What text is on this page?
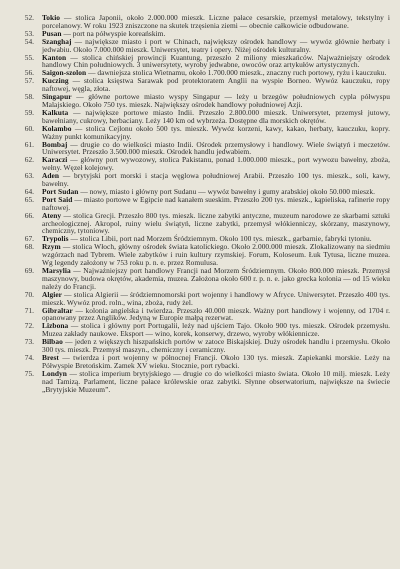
52.	Tokio — stolica Japonii, około 2.000.000 mieszk. Liczne pałace cesarskie, przemysł metalowy, tekstylny i porcelanowy. W roku 1923 zniszczone na skutek trzęsienia ziemi — obecnie całkowicie odbudowane.
53.	Pusan — port na półwyspie koreańskim.
54.	Szanghaj — największe miasto i port w Chinach, największy ośrodek handlowy — wywóz głównie herbaty i jedwabiu. Około 7.000.000 mieszk. Uniwersytet, teatry i opery. Niżej ośrodek kulturalny.
55.	Kanton — stolica chińskiej prowincji Kuantung, przeszło 2 miliony mieszkańców. Najważniejszy ośrodek handlowy Chin południowych. 3 uniwersytety, wyroby jedwabne, owoców oraz artykułów artystycznych.
56.	Saigon-szolon — dawniejsza stolica Wietnamu, około 1.700.000 mieszk., znaczny ruch portowy, ryżu i kauczuku.
57.	Kuczing — stolica księstwa Sarawak pod protektoratem Anglii na wyspie Borneo. Wywóz kauczuku, ropy naftowej, węgla, złota.
58.	Singapur — główne portowe miasto wyspy Singapur — leży u brzegów południowych cypla półwyspu Malajskiego. Około 750 tys. mieszk. Największy ośrodek handlowy południowej Azji.
59.	Kalkuta — największe portowe miasto Indii. Przeszło 2.800.000 mieszk. Uniwersytet, przemysł jutowy, bawełniany, cukrowy, herbaciany. Leży 140 km od wybrzeża. Dostępne dla morskich okrętów.
60.	Kolambo — stolica Cejlonu około 500 tys. mieszk. Wywóz korzeni, kawy, kakao, herbaty, kauczuku, kopry. Ważny punkt komunikacyjny.
61.	Bombaj — drugie co do wielkości miasto Indii. Ośrodek przemysłowy i handlowy. Wiele świątyń i meczetów. Uniwersytet. Przeszło 3.500.000 mieszk. Ośrodek handlu jedwabiem.
62.	Karaczi — główny port wywozowy, stolica Pakistanu, ponad 1.000.000 mieszk., port wywozu bawełny, zboża, wełny. Węzeł kolejowy.
63.	Aden — brytyjski port morski i stacja węglowa południowej Arabii. Przeszło 100 tys. mieszk., soli, kawy, bawełny.
64.	Port Sudan — nowy, miasto i główny port Sudanu — wywóz bawełny i gumy arabskiej około 50.000 mieszk.
65.	Port Said — miasto portowe w Egipcie nad kanałem sueskim. Przeszło 200 tys. mieszk., kąpieliska, rafinerie ropy naftowej.
66.	Ateny — stolica Grecji. Przeszło 800 tys. mieszk. liczne zabytki antyczne, muzeum narodowe ze skarbami sztuki archeologicznej. Akropol, ruiny wielu świątyń, liczne zabytki, przemysł włókienniczy, skórzany, maszynowy, chemiczny, tytoniowy.
67.	Trypolis — stolica Libii, port nad Morzem Śródziemnym. Około 100 tys. mieszk., garbarnie, fabryki tytoniu.
68.	Rzym — stolica Włoch, główny ośrodek świata katolickiego. Około 2.000.000 mieszk. Zlokalizowany na siedmiu wzgórzach nad Tybrem. Wiele zabytków i ruin kultury rzymskiej. Forum, Koloseum. Łuk Tytusa, liczne muzea. Wg legendy założony w 753 roku p. n. e. przez Romulusa.
69.	Marsylia — Najważniejszy port handlowy Francji nad Morzem Śródziemnym. Około 800.000 mieszk. Przemysł maszynowy, budowa okrętów, akademia, muzea. Założona około 600 r. p. n. e. jako grecka kolonia — od 15 wieku należy do Francji.
70.	Algier — stolica Algierii — śródziemnomorski port wojenny i handlowy w Afryce. Uniwersytet. Przeszło 400 tys. mieszk. Wywóz prod. roln., wina, zboża, rudy żel.
71.	Gibraltar — kolonia angielska i twierdza. Przeszło 40.000 mieszk. Ważny port handlowy i wojenny, od 1704 r. opanowany przez Anglików. Jedyną w Europie małpą rezerwat.
72.	Lizbona — stolica i główny port Portugalii, leży nad ujściem Tajo. Około 900 tys. mieszk. Ośrodek przemysłu. Muzea zakłady naukowe. Eksport — wino, korek, konserwy, drzewo, wyroby włókiennicze.
73.	Bilbao — jeden z większych hiszpańskich portów w zatoce Biskajskiej. Duży ośrodek handlu i przemysłu. Około 300 tys. mieszk. Przemysł maszyn., chemiczny i ceramiczny.
74.	Brest — twierdza i port wojenny w północnej Francji. Około 130 tys. mieszk. Zapiekanki morskie. Leży na Półwyspie Bretońskim. Zamek XV wieku. Stocznie, port rybacki.
75.	Londyn — stolica imperium brytyjskiego — drugie co do wielkości miasto świata. Około 10 milj. mieszk. Leży nad Tamizą. Parlament, liczne pałace królewskie oraz zabytki. Słynne obserwatorium, największe na świecie „Brytyjskie Muzeum”.
